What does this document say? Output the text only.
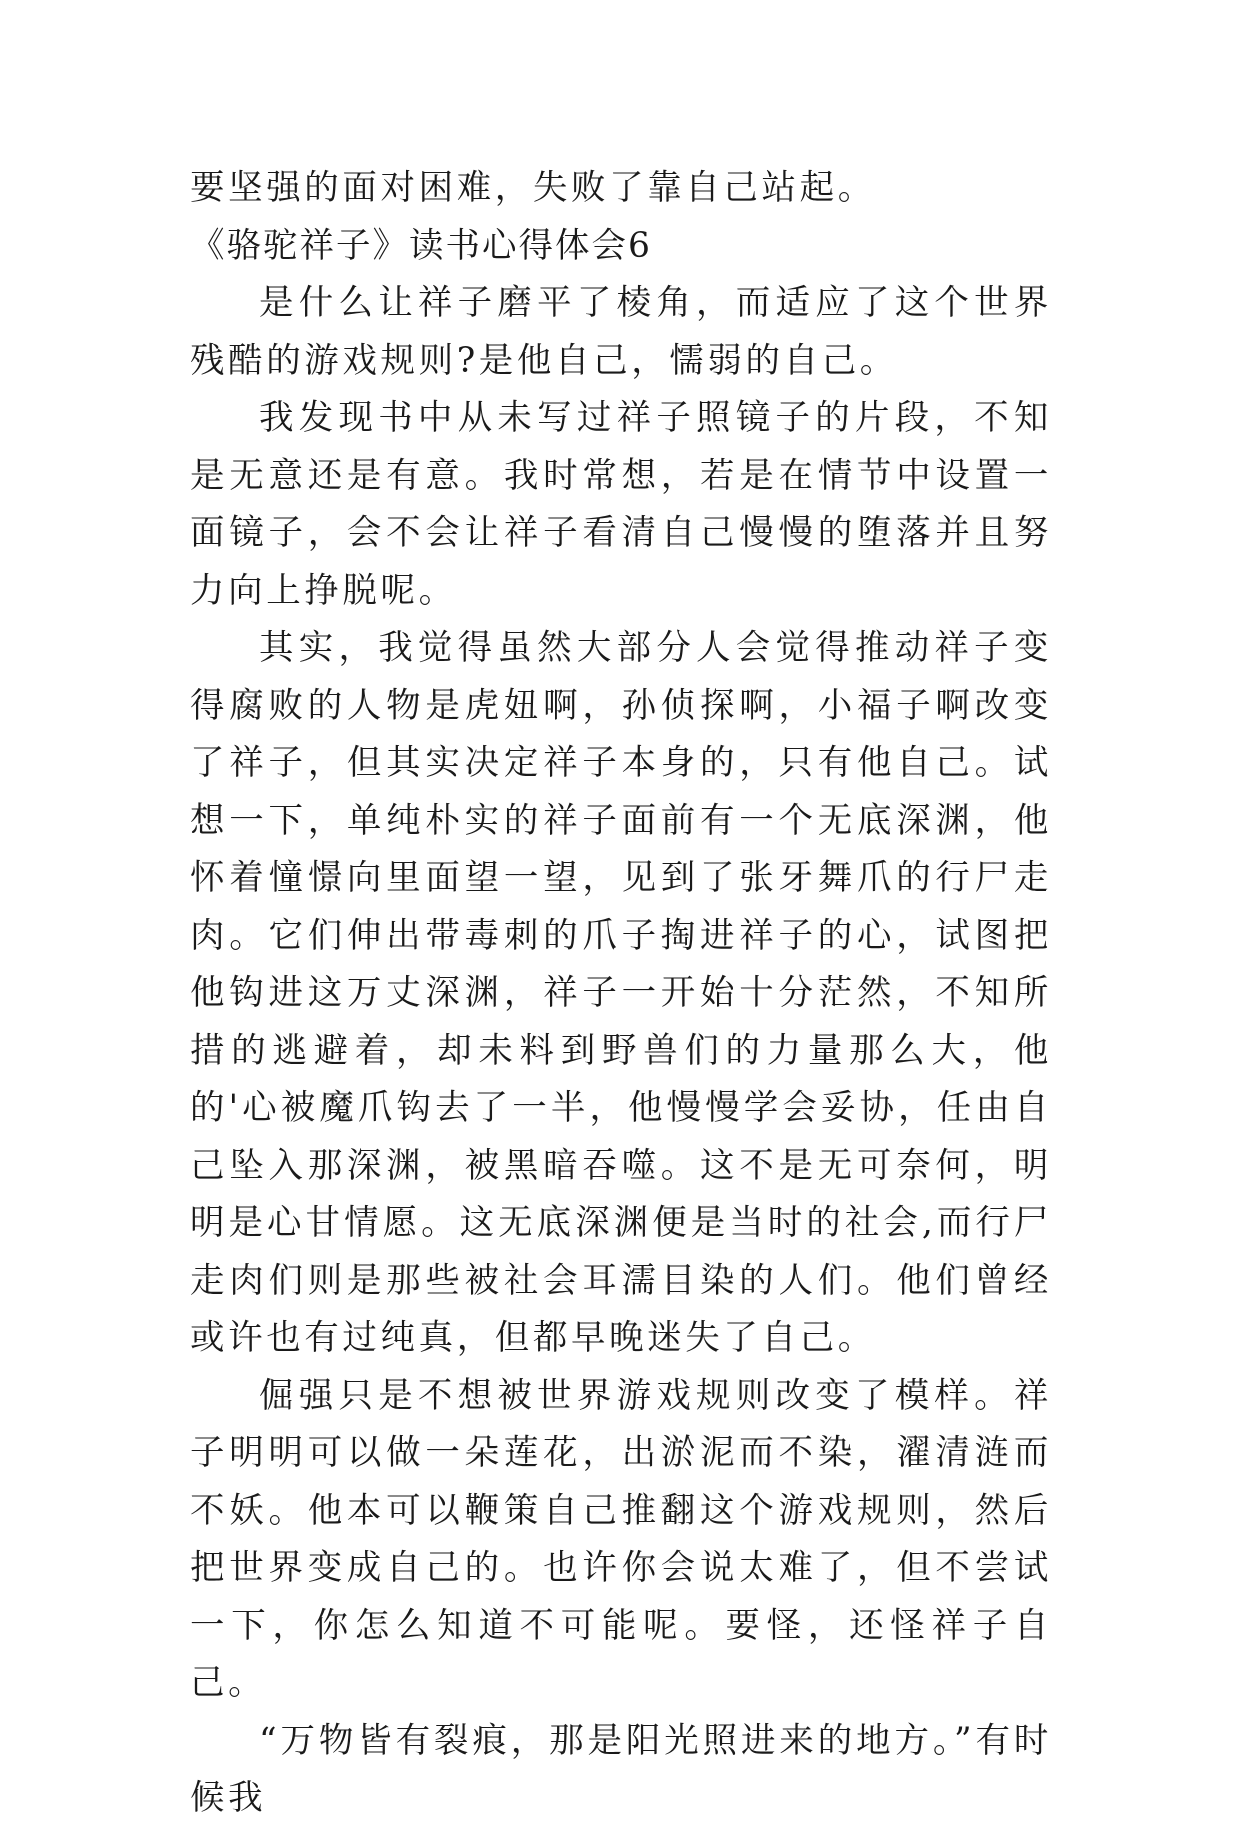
要坚强的面对困难，失败了靠自己站起。

《骆驼祥子》读书心得体会6

是什么让祥子磨平了棱角，而适应了这个世界残酷的游戏规则?是他自己，懦弱的自己。

我发现书中从未写过祥子照镜子的片段，不知是无意还是有意。我时常想，若是在情节中设置一面镜子，会不会让祥子看清自己慢慢的堕落并且努力向上挣脱呢。

其实，我觉得虽然大部分人会觉得推动祥子变得腐败的人物是虎妞啊，孙侦探啊，小福子啊改变了祥子，但其实决定祥子本身的，只有他自己。试想一下，单纯朴实的祥子面前有一个无底深渊，他怀着憧憬向里面望一望，见到了张牙舞爪的行尸走肉。它们伸出带毒刺的爪子掏进祥子的心，试图把他钩进这万丈深渊，祥子一开始十分茫然，不知所措的逃避着，却未料到野兽们的力量那么大，他的'心被魔爪钩去了一半，他慢慢学会妥协，任由自己坠入那深渊，被黑暗吞噬。这不是无可奈何，明明是心甘情愿。这无底深渊便是当时的社会,而行尸走肉们则是那些被社会耳濡目染的人们。他们曾经或许也有过纯真，但都早晚迷失了自己。

倔强只是不想被世界游戏规则改变了模样。祥子明明可以做一朵莲花，出淤泥而不染，濯清涟而不妖。他本可以鞭策自己推翻这个游戏规则，然后把世界变成自己的。也许你会说太难了，但不尝试一下，你怎么知道不可能呢。要怪，还怪祥子自己。

“万物皆有裂痕，那是阳光照进来的地方。”有时候我
